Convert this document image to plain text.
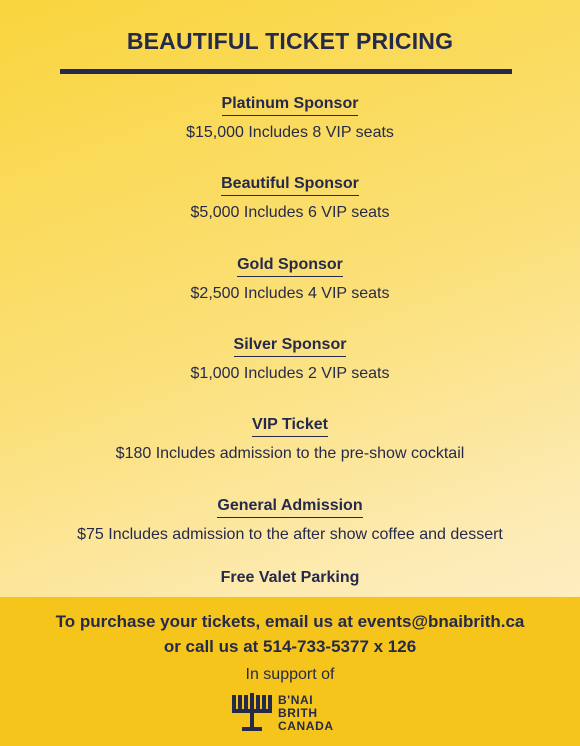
BEAUTIFUL TICKET PRICING
Platinum Sponsor
$15,000 Includes 8 VIP seats
Beautiful Sponsor
$5,000 Includes 6 VIP seats
Gold Sponsor
$2,500 Includes 4 VIP seats
Silver Sponsor
$1,000 Includes 2 VIP seats
VIP Ticket
$180 Includes admission to the pre-show cocktail
General Admission
$75 Includes admission to the after show coffee and dessert
Free Valet Parking
To purchase your tickets, email us at events@bnaibrith.ca
or call us at 514-733-5377 x 126
In support of
B'NAI
BRITH
CANADA
